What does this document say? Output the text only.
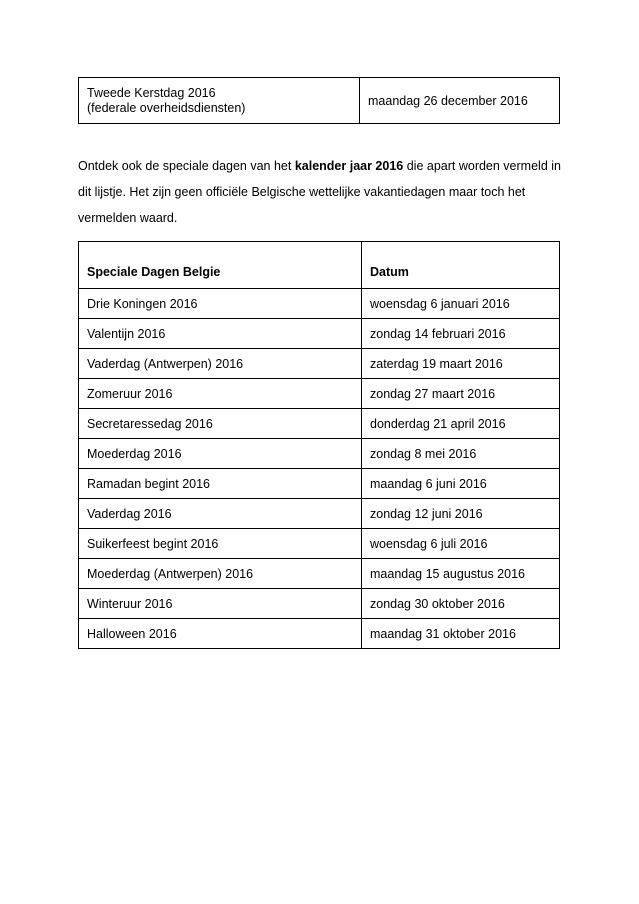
Tweede Kerstdag 2016
(federale overheidsdiensten)	maandag 26 december 2016

Ontdek ook de speciale dagen van het kalender jaar 2016 die apart worden vermeld in dit lijstje. Het zijn geen officiële Belgische wettelijke vakantiedagen maar toch het vermelden waard.

Speciale Dagen Belgie	Datum
Drie Koningen 2016	woensdag 6 januari 2016
Valentijn 2016	zondag 14 februari 2016
Vaderdag (Antwerpen) 2016	zaterdag 19 maart 2016
Zomeruur 2016	zondag 27 maart 2016
Secretaressedag 2016	donderdag 21 april 2016
Moederdag 2016	zondag 8 mei 2016
Ramadan begint 2016	maandag 6 juni 2016
Vaderdag 2016	zondag 12 juni 2016
Suikerfeest begint 2016	woensdag 6 juli 2016
Moederdag (Antwerpen) 2016	maandag 15 augustus 2016
Winteruur 2016	zondag 30 oktober 2016
Halloween 2016	maandag 31 oktober 2016
